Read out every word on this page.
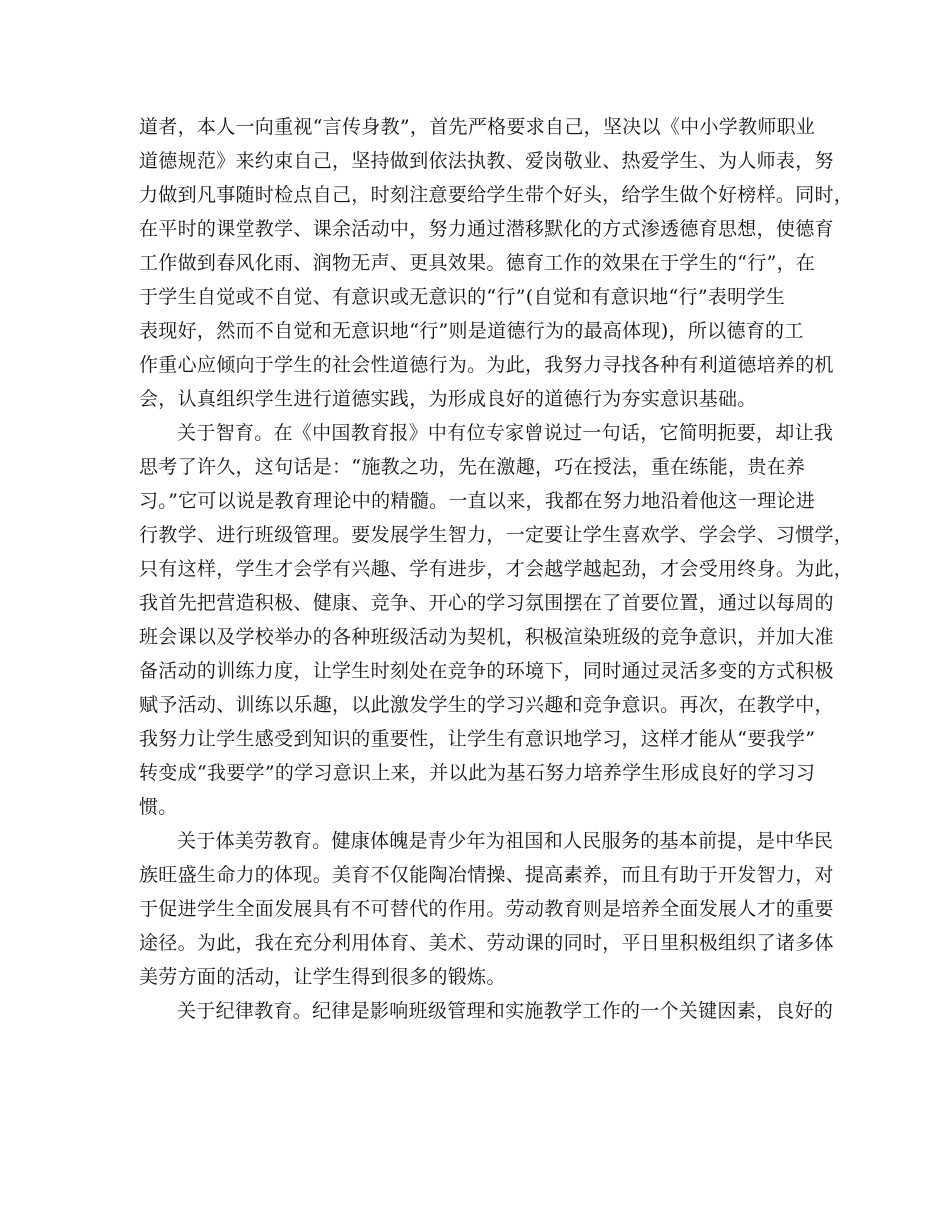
道者，本人一向重视“言传身教”，首先严格要求自己，坚决以《中小学教师职业
道德规范》来约束自己，坚持做到依法执教、爱岗敬业、热爱学生、为人师表，努
力做到凡事随时检点自己，时刻注意要给学生带个好头，给学生做个好榜样。同时，
在平时的课堂教学、课余活动中，努力通过潜移默化的方式渗透德育思想，使德育
工作做到春风化雨、润物无声、更具效果。德育工作的效果在于学生的“行”，在
于学生自觉或不自觉、有意识或无意识的“行”(自觉和有意识地“行”表明学生
表现好，然而不自觉和无意识地“行”则是道德行为的最高体现)，所以德育的工
作重心应倾向于学生的社会性道德行为。为此，我努力寻找各种有利道德培养的机
会，认真组织学生进行道德实践，为形成良好的道德行为夯实意识基础。
关于智育。在《中国教育报》中有位专家曾说过一句话，它简明扼要，却让我
思考了许久，这句话是：“施教之功，先在激趣，巧在授法，重在练能，贵在养
习。”它可以说是教育理论中的精髓。一直以来，我都在努力地沿着他这一理论进
行教学、进行班级管理。要发展学生智力，一定要让学生喜欢学、学会学、习惯学，
只有这样，学生才会学有兴趣、学有进步，才会越学越起劲，才会受用终身。为此，
我首先把营造积极、健康、竞争、开心的学习氛围摆在了首要位置，通过以每周的
班会课以及学校举办的各种班级活动为契机，积极渲染班级的竞争意识，并加大准
备活动的训练力度，让学生时刻处在竞争的环境下，同时通过灵活多变的方式积极
赋予活动、训练以乐趣，以此激发学生的学习兴趣和竞争意识。再次，在教学中，
我努力让学生感受到知识的重要性，让学生有意识地学习，这样才能从“要我学”
转变成“我要学”的学习意识上来，并以此为基石努力培养学生形成良好的学习习
惯。
关于体美劳教育。健康体魄是青少年为祖国和人民服务的基本前提，是中华民
族旺盛生命力的体现。美育不仅能陶冶情操、提高素养，而且有助于开发智力，对
于促进学生全面发展具有不可替代的作用。劳动教育则是培养全面发展人才的重要
途径。为此，我在充分利用体育、美术、劳动课的同时，平日里积极组织了诸多体
美劳方面的活动，让学生得到很多的锻炼。
关于纪律教育。纪律是影响班级管理和实施教学工作的一个关键因素，良好的
